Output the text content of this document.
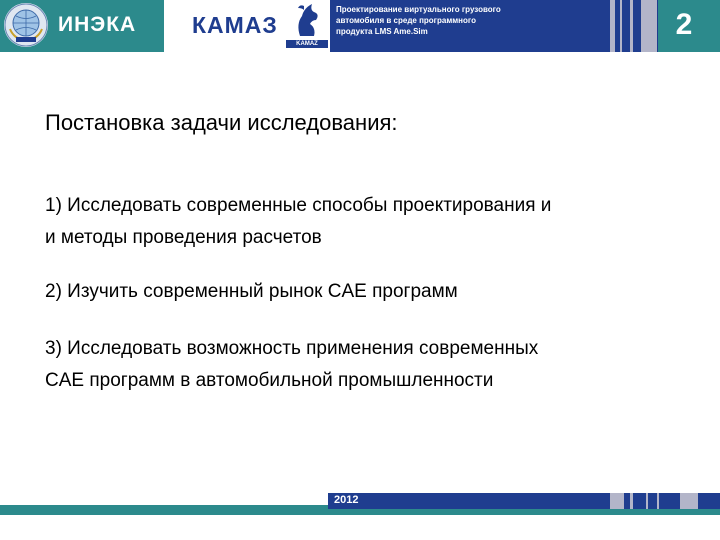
ИНЭКА КАМАЗ
KAMAZ
Проектирование виртуального грузового
автомобиля в среде программного
продукта LMS Ame.Sim	2
Постановка задачи исследования:
1) Исследовать современные способы проектирования и
и методы проведения расчетов
2) Изучить современный рынок CAE программ
3) Исследовать возможность применения современных
CAE программ в автомобильной промышленности
2012
